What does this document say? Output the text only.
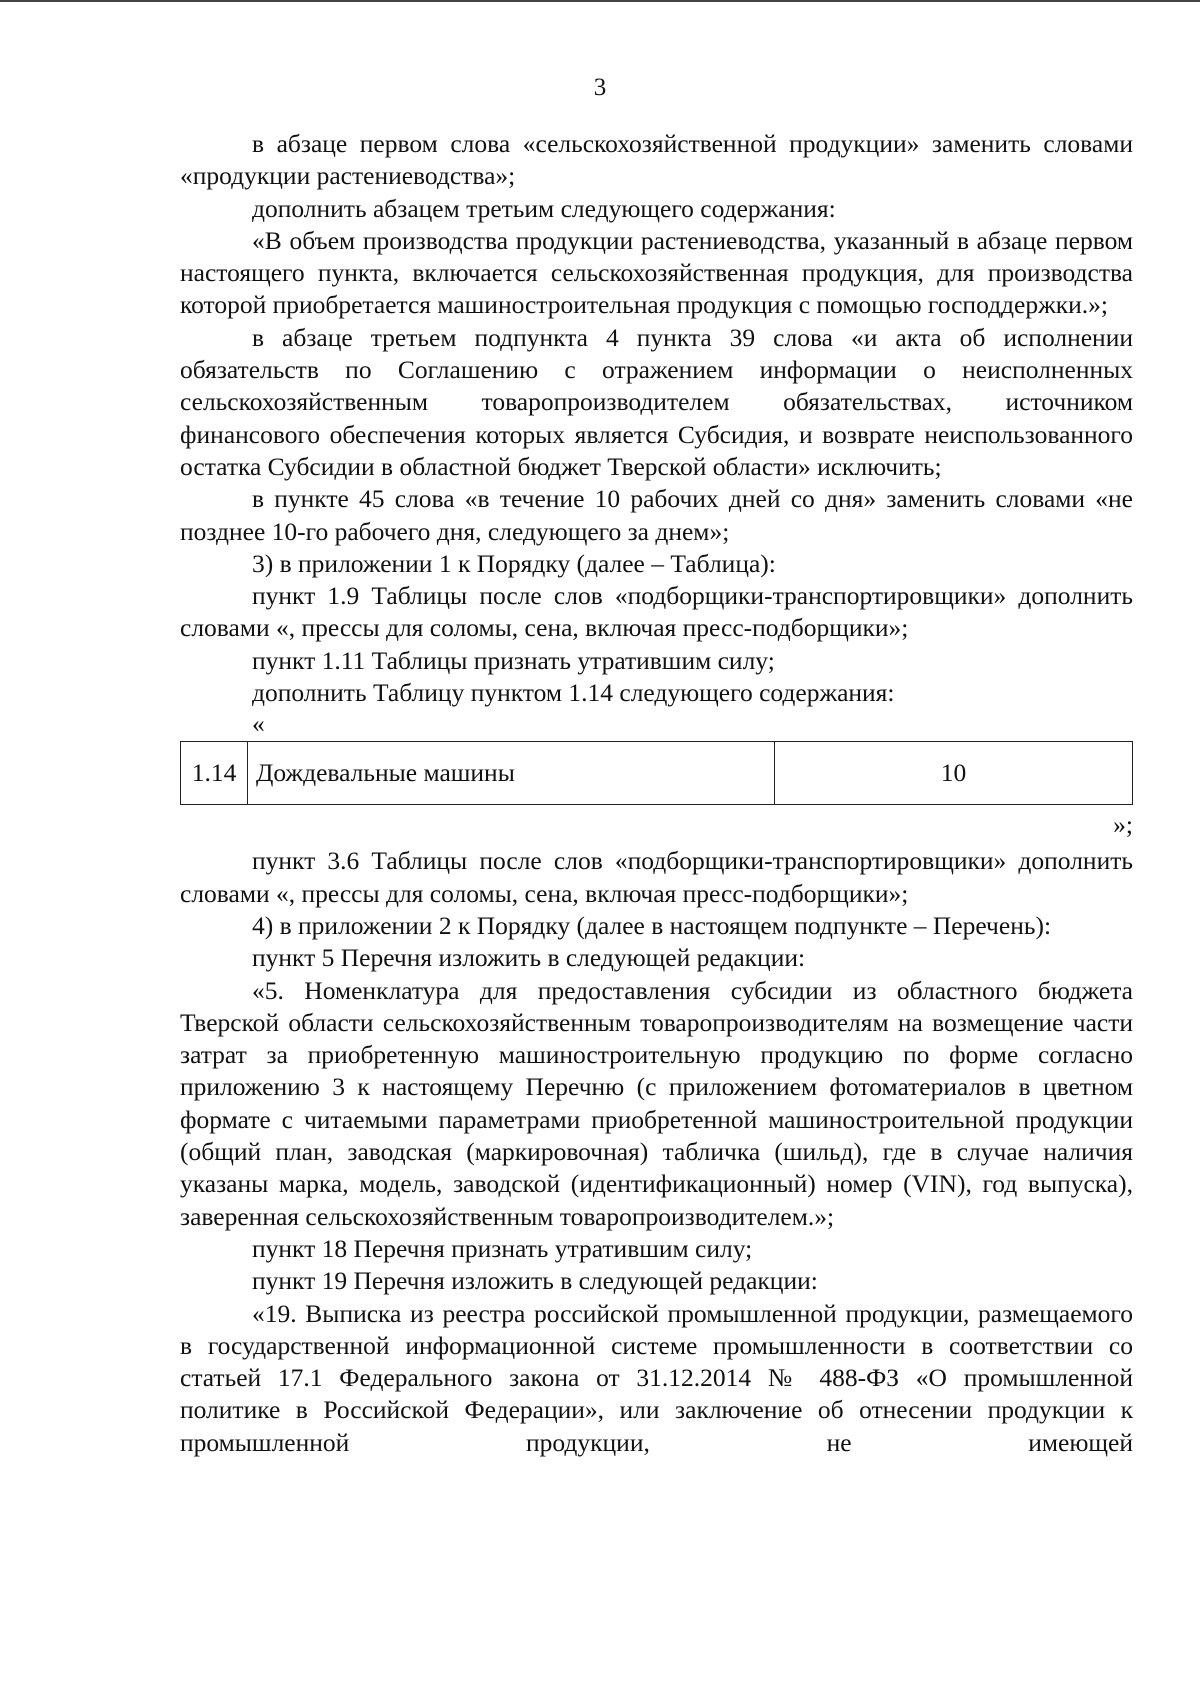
3

в абзаце первом слова «сельскохозяйственной продукции» заменить словами «продукции растениеводства»;

дополнить абзацем третьим следующего содержания:

«В объем производства продукции растениеводства, указанный в абзаце первом настоящего пункта, включается сельскохозяйственная продукция, для производства которой приобретается машиностроительная продукция с помощью господдержки.»;

в абзаце третьем подпункта 4 пункта 39 слова «и акта об исполнении обязательств по Соглашению с отражением информации о неисполненных сельскохозяйственным товаропроизводителем обязательствах, источником финансового обеспечения которых является Субсидия, и возврате неиспользованного остатка Субсидии в областной бюджет Тверской области» исключить;

в пункте 45 слова «в течение 10 рабочих дней со дня» заменить словами «не позднее 10-го рабочего дня, следующего за днем»;

3) в приложении 1 к Порядку (далее – Таблица):

пункт 1.9 Таблицы после слов «подборщики-транспортировщики» дополнить словами «, прессы для соломы, сена, включая пресс-подборщики»;

пункт 1.11 Таблицы признать утратившим силу;

дополнить Таблицу пунктом 1.14 следующего содержания:

«

1.14	Дождевальные машины	10

»;

пункт 3.6 Таблицы после слов «подборщики-транспортировщики» дополнить словами «, прессы для соломы, сена, включая пресс-подборщики»;

4) в приложении 2 к Порядку (далее в настоящем подпункте – Перечень):

пункт 5 Перечня изложить в следующей редакции:

«5. Номенклатура для предоставления субсидии из областного бюджета Тверской области сельскохозяйственным товаропроизводителям на возмещение части затрат за приобретенную машиностроительную продукцию по форме согласно приложению 3 к настоящему Перечню (с приложением фотоматериалов в цветном формате с читаемыми параметрами приобретенной машиностроительной продукции (общий план, заводская (маркировочная) табличка (шильд), где в случае наличия указаны марка, модель, заводской (идентификационный) номер (VIN), год выпуска), заверенная сельскохозяйственным товаропроизводителем.»;

пункт 18 Перечня признать утратившим силу;

пункт 19 Перечня изложить в следующей редакции:

«19. Выписка из реестра российской промышленной продукции, размещаемого в государственной информационной системе промышленности в соответствии со статьей 17.1 Федерального закона от 31.12.2014 № 488-ФЗ «О промышленной политике в Российской Федерации», или заключение об отнесении продукции к промышленной продукции, не имеющей
